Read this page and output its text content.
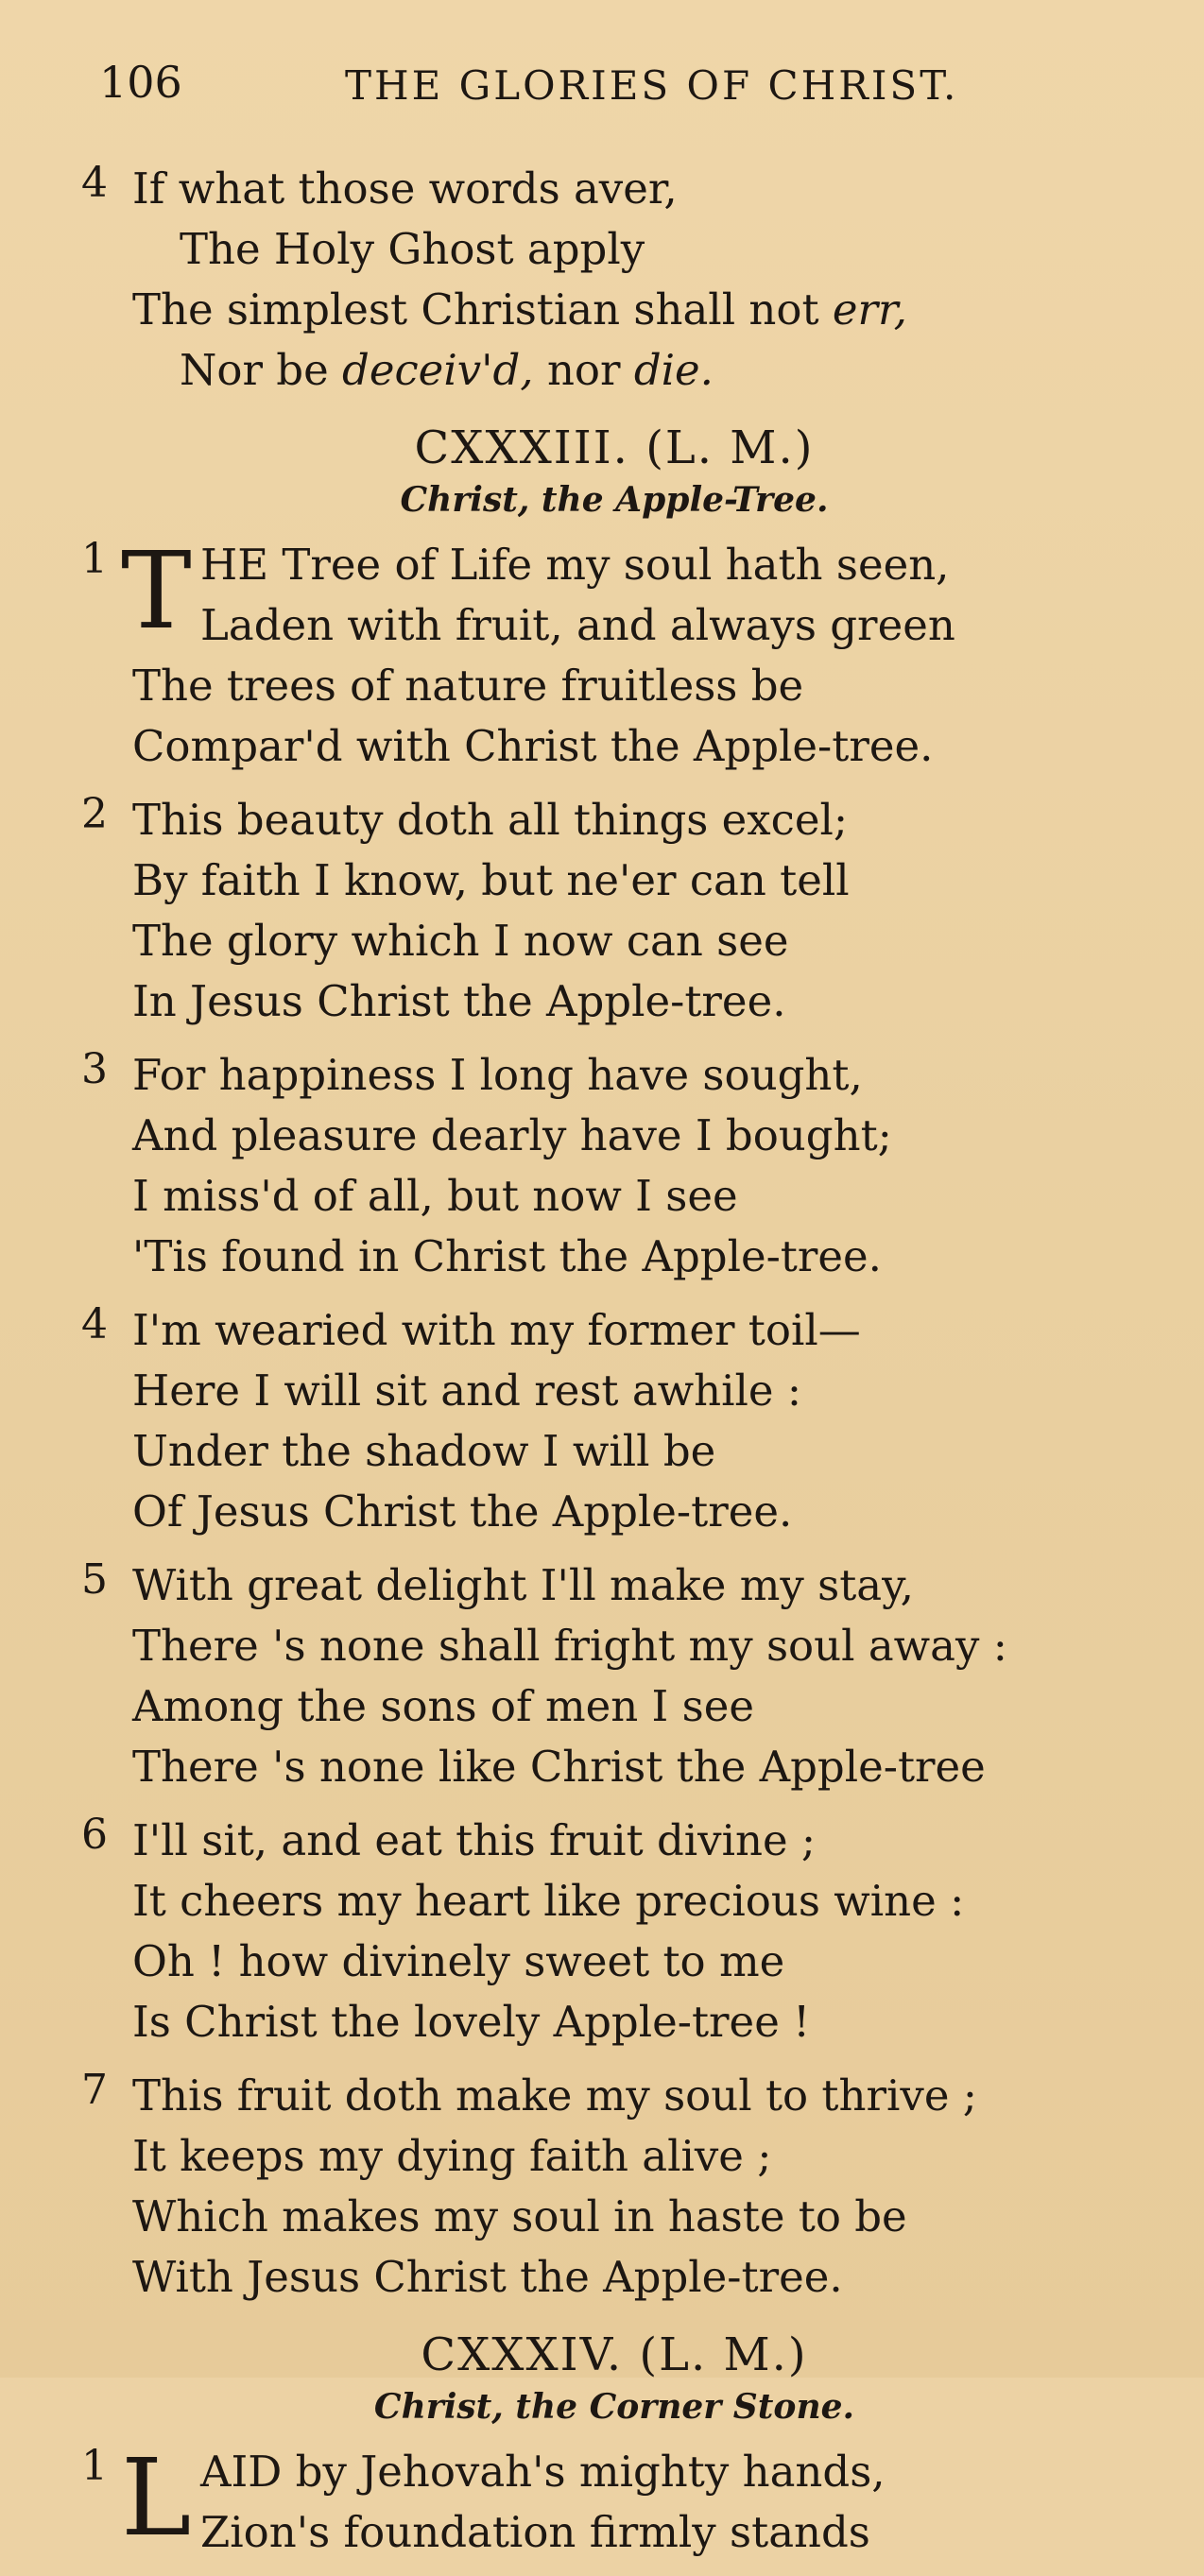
106	THE GLORIES OF CHRIST.
4 If what those words aver,
The Holy Ghost apply
The simplest Christian shall not err,
Nor be deceiv'd, nor die.
CXXXIII. (L. M.)
Christ, the Apple-Tree.
1 T HE Tree of Life my soul hath seen,
Laden with fruit, and always green
The trees of nature fruitless be
Compar'd with Christ the Apple-tree.
2 This beauty doth all things excel;
By faith I know, but ne'er can tell
The glory which I now can see
In Jesus Christ the Apple-tree.
3 For happiness I long have sought,
And pleasure dearly have I bought;
I miss'd of all, but now I see
'Tis found in Christ the Apple-tree.
4 I'm wearied with my former toil—
Here I will sit and rest awhile :
Under the shadow I will be
Of Jesus Christ the Apple-tree.
5 With great delight I'll make my stay,
There 's none shall fright my soul away :
Among the sons of men I see
There 's none like Christ the Apple-tree
6 I'll sit, and eat this fruit divine ;
It cheers my heart like precious wine :
Oh ! how divinely sweet to me
Is Christ the lovely Apple-tree !
7 This fruit doth make my soul to thrive ;
It keeps my dying faith alive ;
Which makes my soul in haste to be
With Jesus Christ the Apple-tree.
CXXXIV. (L. M.)
Christ, the Corner Stone.
1 L AID by Jehovah's mighty hands,
Zion's foundation firmly stands
